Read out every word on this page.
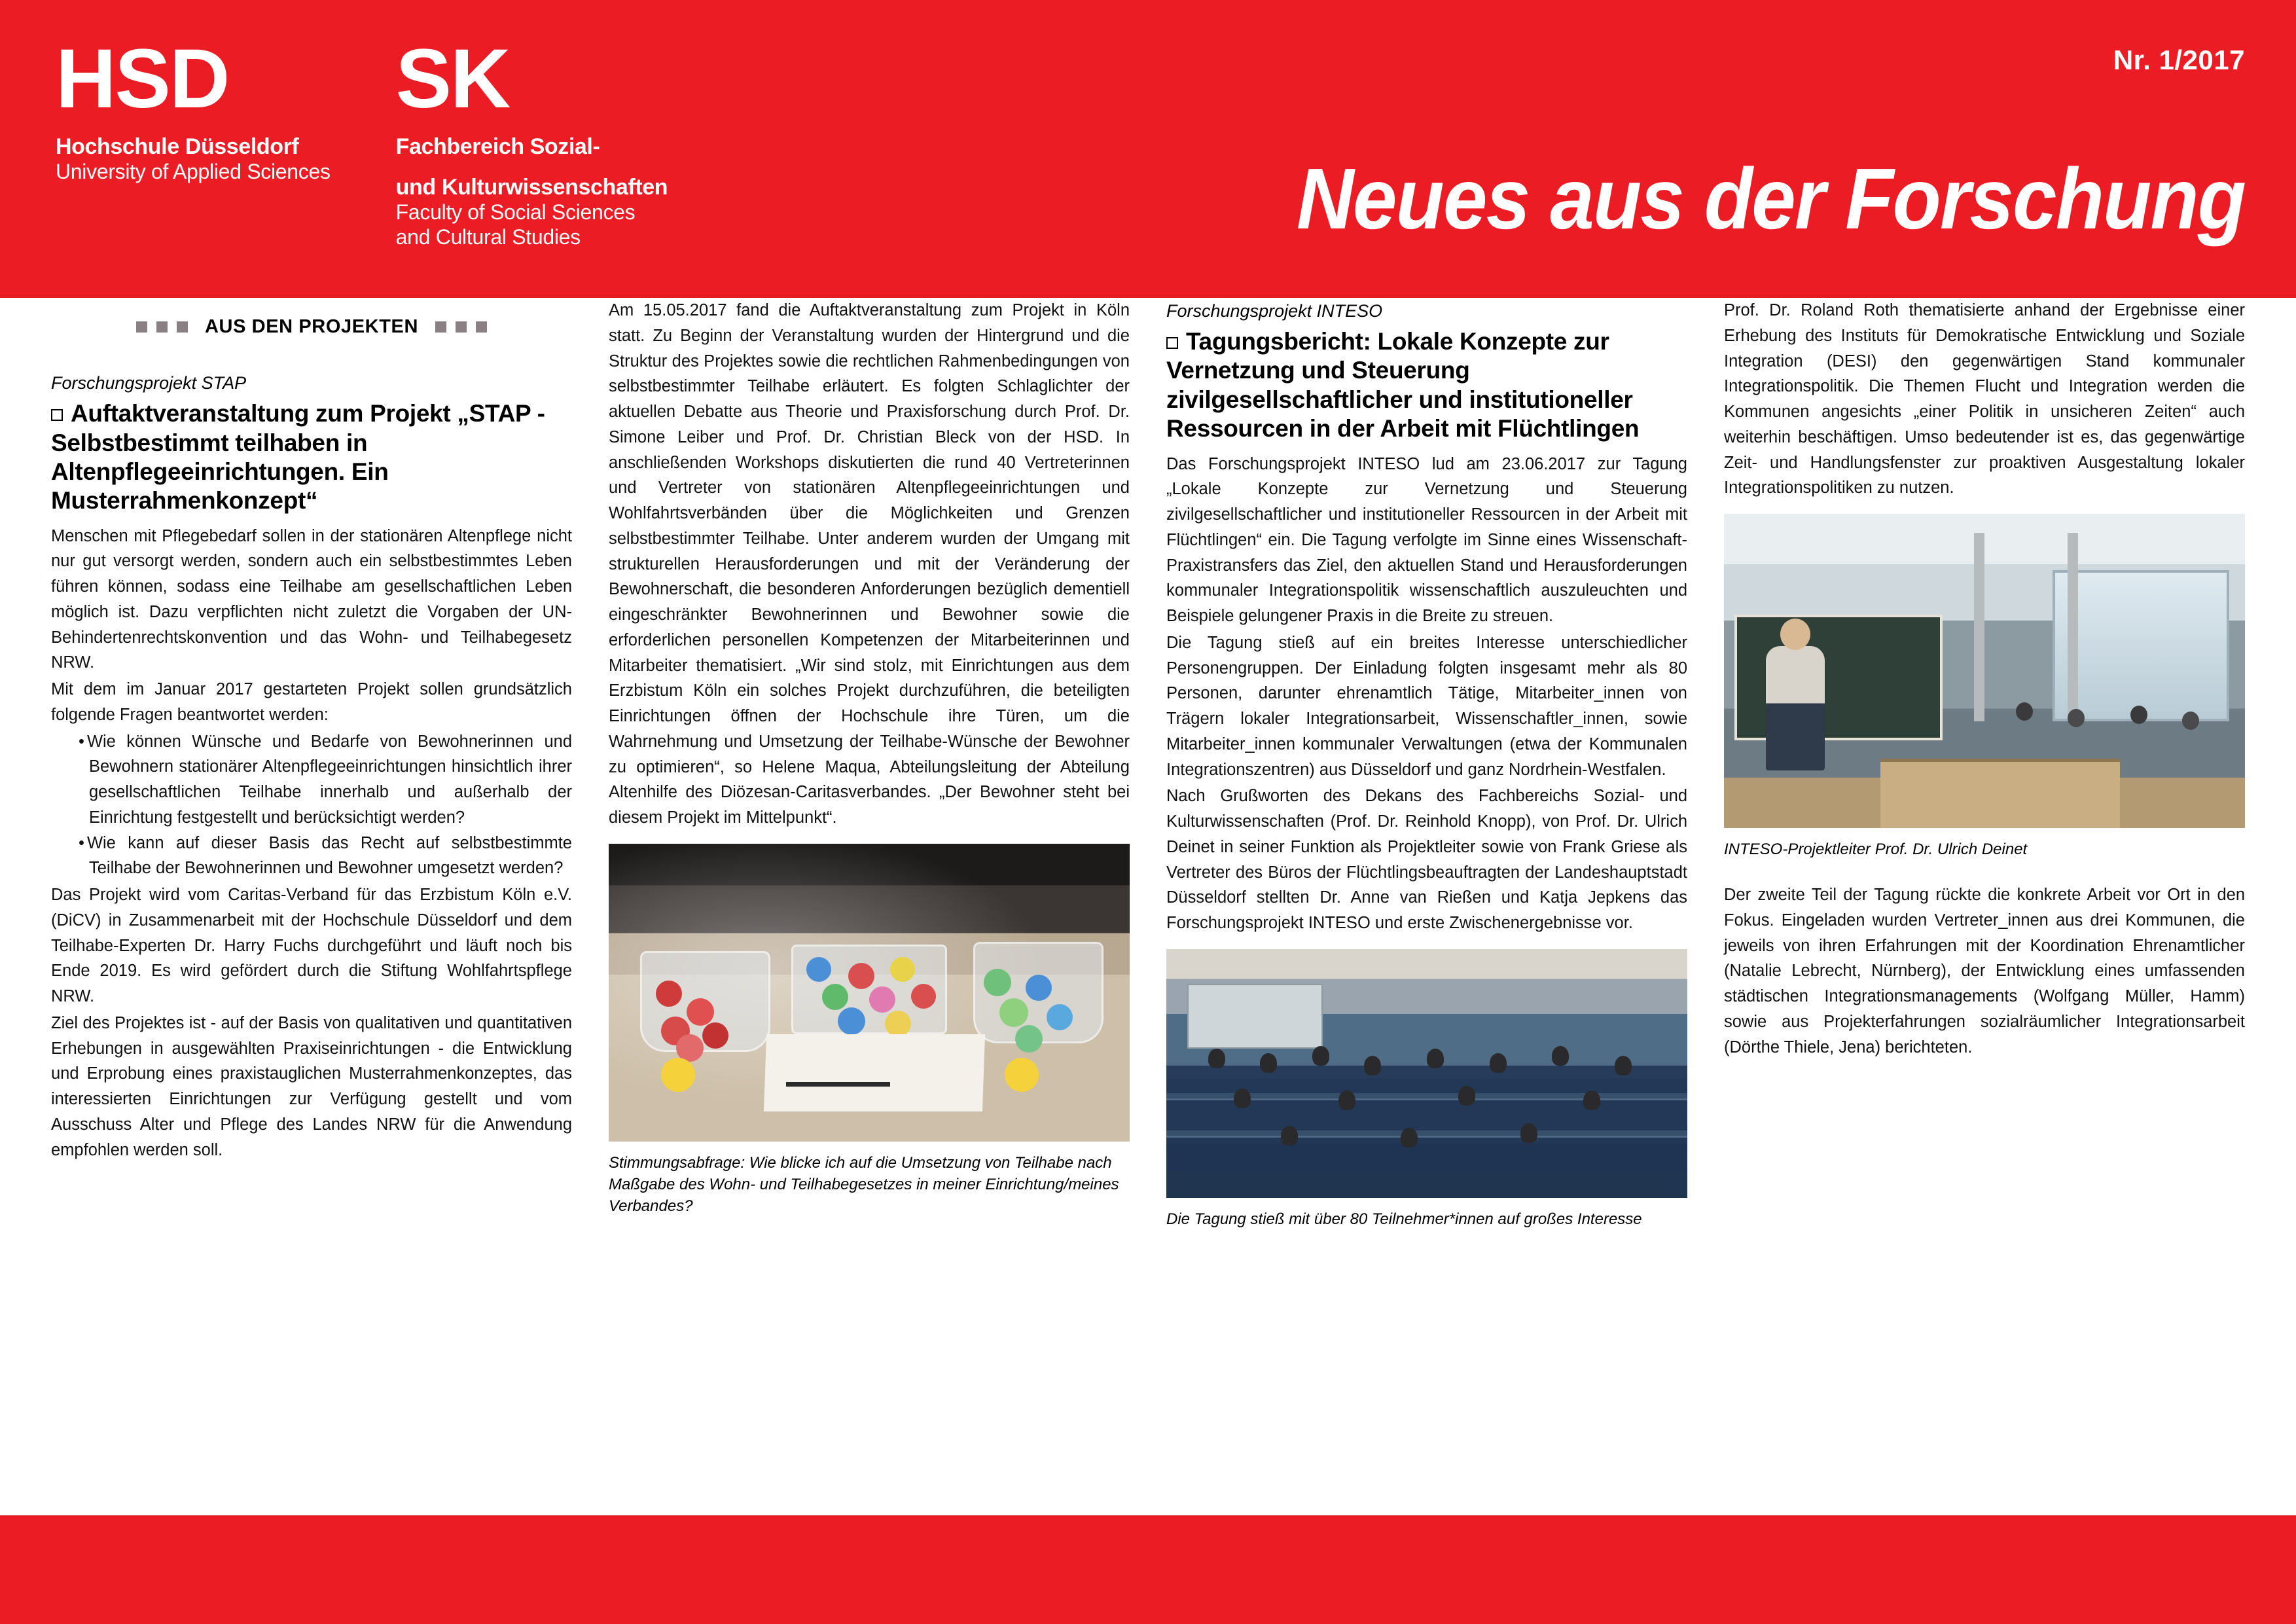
HSD
Hochschule Düsseldorf
University of Applied Sciences
SK
Fachbereich Sozial-
und Kulturwissenschaften
Faculty of Social Sciences
and Cultural Studies
Nr. 1/2017
Neues aus der Forschung
AUS DEN PROJEKTEN
Forschungsprojekt STAP
Auftaktveranstaltung zum Projekt „STAP - Selbstbestimmt teilhaben in Altenpflegeeinrichtungen. Ein Musterrahmenkonzept“

Menschen mit Pflegebedarf sollen in der stationären Altenpflege nicht nur gut versorgt werden, sondern auch ein selbstbestimmtes Leben führen können, sodass eine Teilhabe am gesellschaftlichen Leben möglich ist. Dazu verpflichten nicht zuletzt die Vorgaben der UN-Behindertenrechtskonvention und das Wohn- und Teilhabegesetz NRW.

Mit dem im Januar 2017 gestarteten Projekt sollen grundsätzlich folgende Fragen beantwortet werden:

• Wie können Wünsche und Bedarfe von Bewohnerinnen und Bewohnern stationärer Altenpflegeeinrichtungen hinsichtlich ihrer gesellschaftlichen Teilhabe innerhalb und außerhalb der Einrichtung festgestellt und berücksichtigt werden?
• Wie kann auf dieser Basis das Recht auf selbstbestimmte Teilhabe der Bewohnerinnen und Bewohner umgesetzt werden?

Das Projekt wird vom Caritas-Verband für das Erzbistum Köln e.V. (DiCV) in Zusammenarbeit mit der Hochschule Düsseldorf und dem Teilhabe-Experten Dr. Harry Fuchs durchgeführt und läuft noch bis Ende 2019. Es wird gefördert durch die Stiftung Wohlfahrtspflege NRW.

Ziel des Projektes ist - auf der Basis von qualitativen und quantitativen Erhebungen in ausgewählten Praxiseinrichtungen - die Entwicklung und Erprobung eines praxistauglichen Musterrahmenkonzeptes, das interessierten Einrichtungen zur Verfügung gestellt und vom Ausschuss Alter und Pflege des Landes NRW für die Anwendung empfohlen werden soll.

Am 15.05.2017 fand die Auftaktveranstaltung zum Projekt in Köln statt. Zu Beginn der Veranstaltung wurden der Hintergrund und die Struktur des Projektes sowie die rechtlichen Rahmenbedingungen von selbstbestimmter Teilhabe erläutert. Es folgten Schlaglichter der aktuellen Debatte aus Theorie und Praxisforschung durch Prof. Dr. Simone Leiber und Prof. Dr. Christian Bleck von der HSD. In anschließenden Workshops diskutierten die rund 40 Vertreterinnen und Vertreter von stationären Altenpflegeeinrichtungen und Wohlfahrtsverbänden über die Möglichkeiten und Grenzen selbstbestimmter Teilhabe. Unter anderem wurden der Umgang mit strukturellen Herausforderungen und mit der Veränderung der Bewohnerschaft, die besonderen Anforderungen bezüglich dementiell eingeschränkter Bewohnerinnen und Bewohner sowie die erforderlichen personellen Kompetenzen der Mitarbeiterinnen und Mitarbeiter thematisiert. „Wir sind stolz, mit Einrichtungen aus dem Erzbistum Köln ein solches Projekt durchzuführen, die beteiligten Einrichtungen öffnen der Hochschule ihre Türen, um die Wahrnehmung und Umsetzung der Teilhabe-Wünsche der Bewohner zu optimieren“, so Helene Maqua, Abteilungsleitung der Abteilung Altenhilfe des Diözesan-Caritasverbandes. „Der Bewohner steht bei diesem Projekt im Mittelpunkt“.

Stimmungsabfrage: Wie blicke ich auf die Umsetzung von Teilhabe nach Maßgabe des Wohn- und Teilhabegesetzes in meiner Einrichtung/meines Verbandes?
Forschungsprojekt INTESO
Tagungsbericht: Lokale Konzepte zur Vernetzung und Steuerung zivilgesellschaftlicher und institutioneller Ressourcen in der Arbeit mit Flüchtlingen

Das Forschungsprojekt INTESO lud am 23.06.2017 zur Tagung „Lokale Konzepte zur Vernetzung und Steuerung zivilgesellschaftlicher und institutioneller Ressourcen in der Arbeit mit Flüchtlingen“ ein. Die Tagung verfolgte im Sinne eines Wissenschaft-Praxistransfers das Ziel, den aktuellen Stand und Herausforderungen kommunaler Integrationspolitik wissenschaftlich auszuleuchten und Beispiele gelungener Praxis in die Breite zu streuen.

Die Tagung stieß auf ein breites Interesse unterschiedlicher Personengruppen. Der Einladung folgten insgesamt mehr als 80 Personen, darunter ehrenamtlich Tätige, Mitarbeiter_innen von Trägern lokaler Integrationsarbeit, Wissenschaftler_innen, sowie Mitarbeiter_innen kommunaler Verwaltungen (etwa der Kommunalen Integrationszentren) aus Düsseldorf und ganz Nordrhein-Westfalen.

Nach Grußworten des Dekans des Fachbereichs Sozial- und Kulturwissenschaften (Prof. Dr. Reinhold Knopp), von Prof. Dr. Ulrich Deinet in seiner Funktion als Projektleiter sowie von Frank Griese als Vertreter des Büros der Flüchtlingsbeauftragten der Landeshauptstadt Düsseldorf stellten Dr. Anne van Rießen und Katja Jepkens das Forschungsprojekt INTESO und erste Zwischenergebnisse vor.

Die Tagung stieß mit über 80 Teilnehmer*innen auf großes Interesse

Prof. Dr. Roland Roth thematisierte anhand der Ergebnisse einer Erhebung des Instituts für Demokratische Entwicklung und Soziale Integration (DESI) den gegenwärtigen Stand kommunaler Integrationspolitik. Die Themen Flucht und Integration werden die Kommunen angesichts „einer Politik in unsicheren Zeiten“ auch weiterhin beschäftigen. Umso bedeutender ist es, das gegenwärtige Zeit- und Handlungsfenster zur proaktiven Ausgestaltung lokaler Integrationspolitiken zu nutzen.

INTESO-Projektleiter Prof. Dr. Ulrich Deinet

Der zweite Teil der Tagung rückte die konkrete Arbeit vor Ort in den Fokus. Eingeladen wurden Vertreter_innen aus drei Kommunen, die jeweils von ihren Erfahrungen mit der Koordination Ehrenamtlicher (Natalie Lebrecht, Nürnberg), der Entwicklung eines umfassenden städtischen Integrationsmanagements (Wolfgang Müller, Hamm) sowie aus Projekterfahrungen sozialräumlicher Integrationsarbeit (Dörthe Thiele, Jena) berichteten.
